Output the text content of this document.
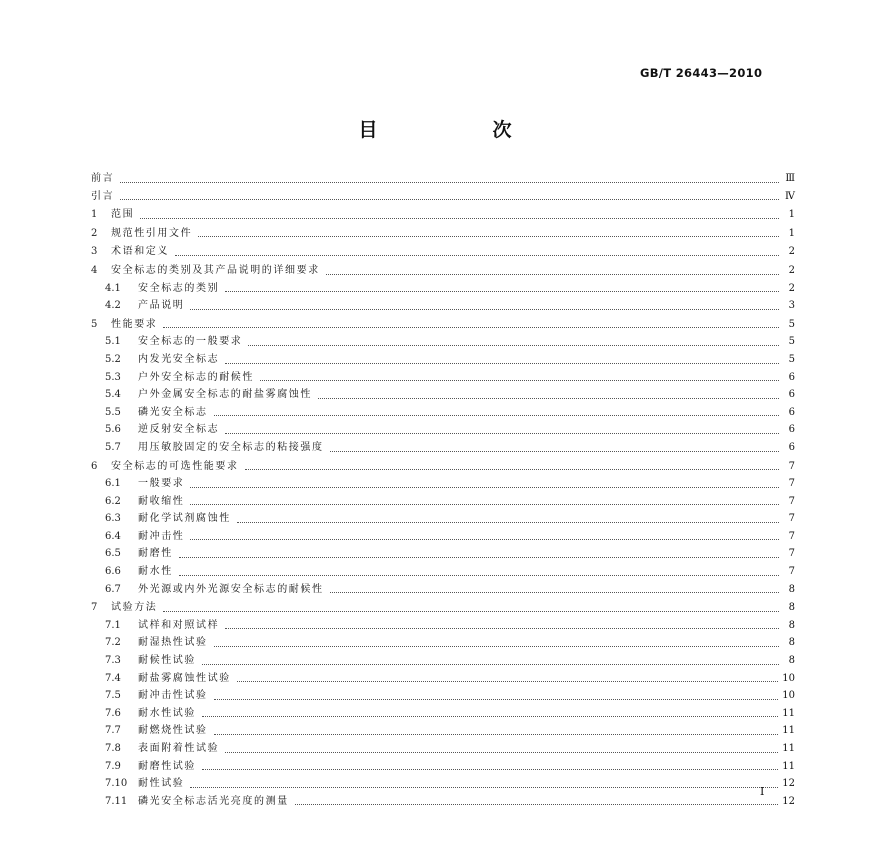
GB/T 26443—2010
目　次
前言	Ⅲ
引言	Ⅳ
1	范围	1
2	规范性引用文件	1
3	术语和定义	2
4	安全标志的类别及其产品说明的详细要求	2
4.1	安全标志的类别	2
4.2	产品说明	3
5	性能要求	5
5.1	安全标志的一般要求	5
5.2	内发光安全标志	5
5.3	户外安全标志的耐候性	6
5.4	户外金属安全标志的耐盐雾腐蚀性	6
5.5	磷光安全标志	6
5.6	逆反射安全标志	6
5.7	用压敏胶固定的安全标志的粘接强度	6
6	安全标志的可选性能要求	7
6.1	一般要求	7
6.2	耐收缩性	7
6.3	耐化学试剂腐蚀性	7
6.4	耐冲击性	7
6.5	耐磨性	7
6.6	耐水性	7
6.7	外光源或内外光源安全标志的耐候性	8
7	试验方法	8
7.1	试样和对照试样	8
7.2	耐湿热性试验	8
7.3	耐候性试验	8
7.4	耐盐雾腐蚀性试验	10
7.5	耐冲击性试验	10
7.6	耐水性试验	11
7.7	耐燃烧性试验	11
7.8	表面附着性试验	11
7.9	耐磨性试验	11
7.10	耐性试验	12
7.11	磷光安全标志活光亮度的测量	12
Ⅰ
